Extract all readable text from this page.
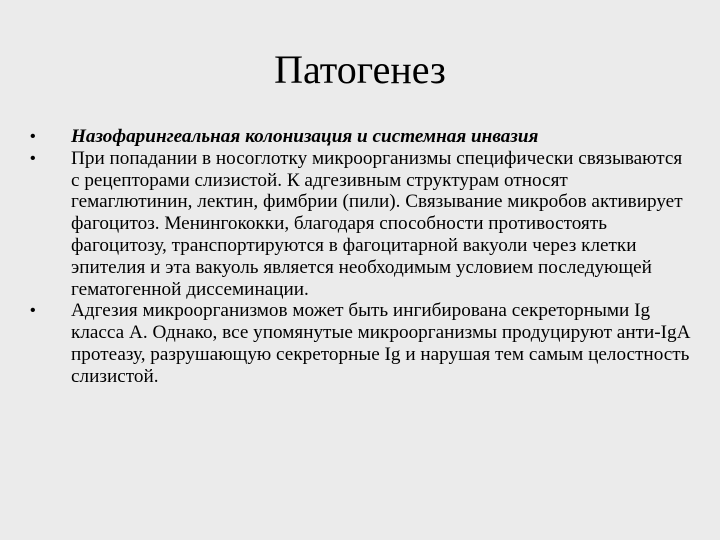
Патогенез
•	Назофарингеальная колонизация и системная инвазия
•	При попадании в носоглотку микроорганизмы специфически связываются с рецепторами слизистой. К адгезивным структурам относят гемаглютинин, лектин, фимбрии (пили). Связывание микробов активирует фагоцитоз. Менингококки, благодаря способности противостоять фагоцитозу, транспортируются в фагоцитарной вакуоли через клетки эпителия и эта вакуоль является необходимым условием последующей гематогенной диссеминации.
•	Адгезия микроорганизмов может быть ингибирована секреторными Ig класса А. Однако, все упомянутые микроорганизмы продуцируют анти-IgA протеазу, разрушающую секреторные Ig и нарушая тем самым целостность слизистой.
